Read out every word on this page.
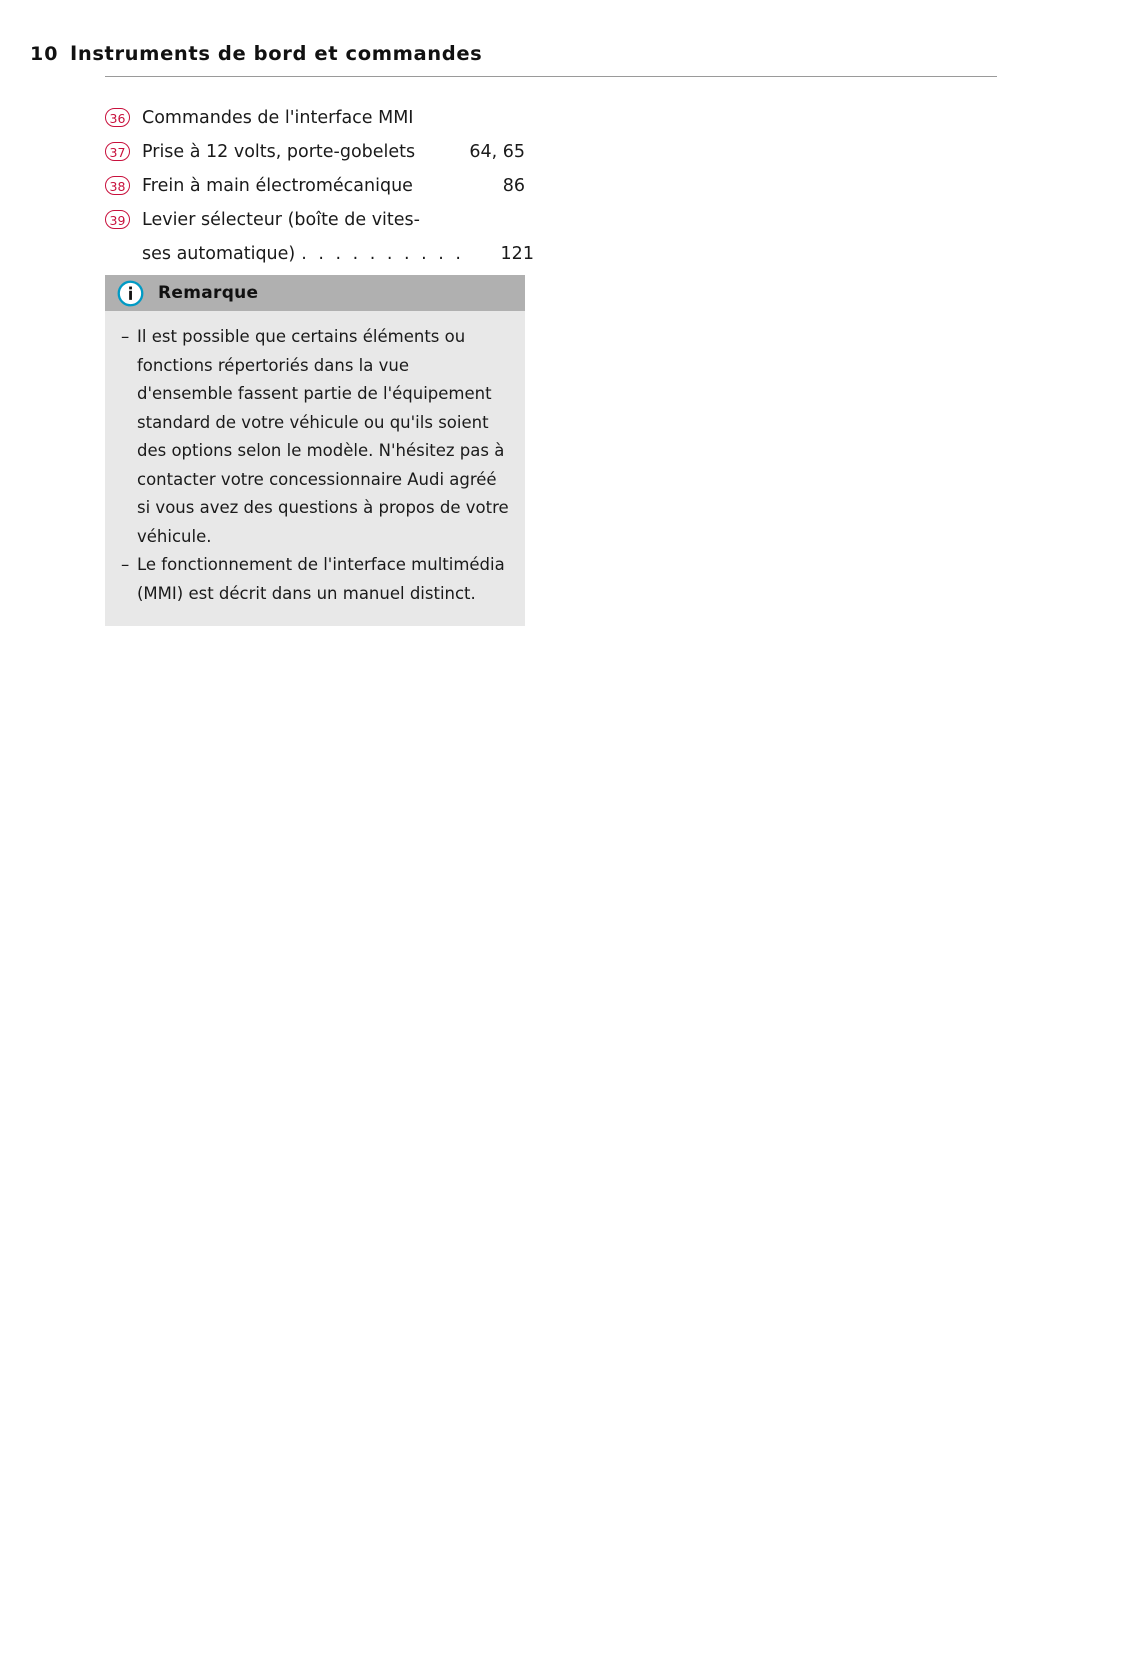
10 Instruments de bord et commandes
36 Commandes de l'interface MMI
37 Prise à 12 volts, porte-gobelets	64, 65
38 Frein à main électromécanique	86
39 Levier sélecteur (boîte de vites-
ses automatique) . . . . . . . . . .	121
Remarque
– Il est possible que certains éléments ou fonctions répertoriés dans la vue d'ensemble fassent partie de l'équipement standard de votre véhicule ou qu'ils soient des options selon le modèle. N'hésitez pas à contacter votre concessionnaire Audi agréé si vous avez des questions à propos de votre véhicule.
– Le fonctionnement de l'interface multimédia (MMI) est décrit dans un manuel distinct.
